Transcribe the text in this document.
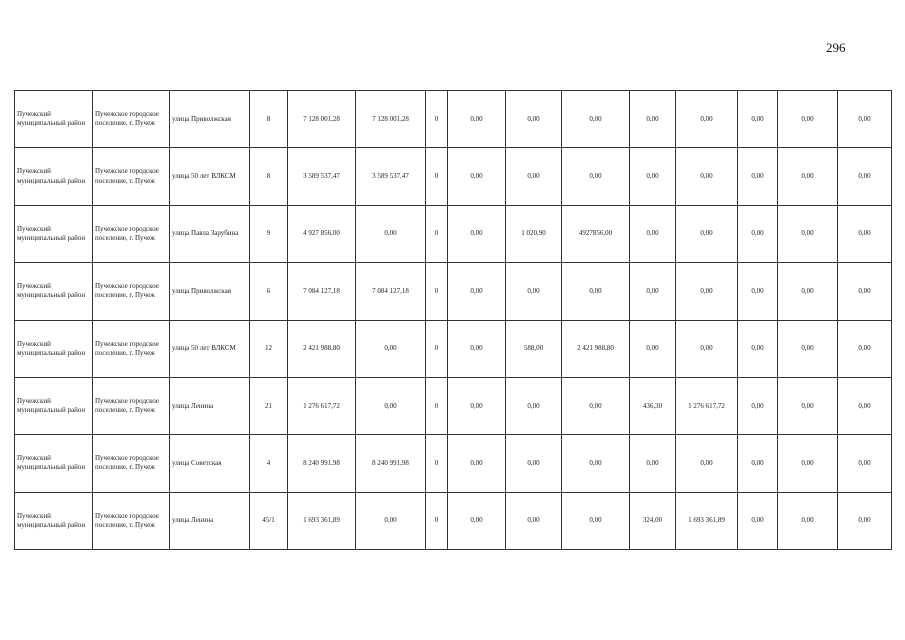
296
Пучежский муниципальный район	Пучежское городское поселение, г. Пучеж	улица Приволжская	8	7 128 001,28	7 128 001,28	0	0,00	0,00	0,00	0,00	0,00	0,00	0,00	0,00
Пучежский муниципальный район	Пучежское городское поселение, г. Пучеж	улица 50 лет ВЛКСМ	8	3 589 537,47	3 589 537,47	0	0,00	0,00	0,00	0,00	0,00	0,00	0,00	0,00
Пучежский муниципальный район	Пучежское городское поселение, г. Пучеж	улица Павла Зарубина	9	4 927 856,00	0,00	0	0,00	1 020,90	4927856,00	0,00	0,00	0,00	0,00	0,00
Пучежский муниципальный район	Пучежское городское поселение, г. Пучеж	улица Приволжская	6	7 084 127,18	7 084 127,18	0	0,00	0,00	0,00	0,00	0,00	0,00	0,00	0,00
Пучежский муниципальный район	Пучежское городское поселение, г. Пучеж	улица 50 лет ВЛКСМ	12	2 421 988,80	0,00	0	0,00	588,00	2 421 988,80	0,00	0,00	0,00	0,00	0,00
Пучежский муниципальный район	Пучежское городское поселение, г. Пучеж	улица Ленина	21	1 276 617,72	0,00	0	0,00	0,00	0,00	436,30	1 276 617,72	0,00	0,00	0,00
Пучежский муниципальный район	Пучежское городское поселение, г. Пучеж	улица Советская	4	8 240 991,98	8 240 991,98	0	0,00	0,00	0,00	0,00	0,00	0,00	0,00	0,00
Пучежский муниципальный район	Пучежское городское поселение, г. Пучеж	улица Ленина	45/1	1 693 361,89	0,00	0	0,00	0,00	0,00	324,00	1 693 361,89	0,00	0,00	0,00
